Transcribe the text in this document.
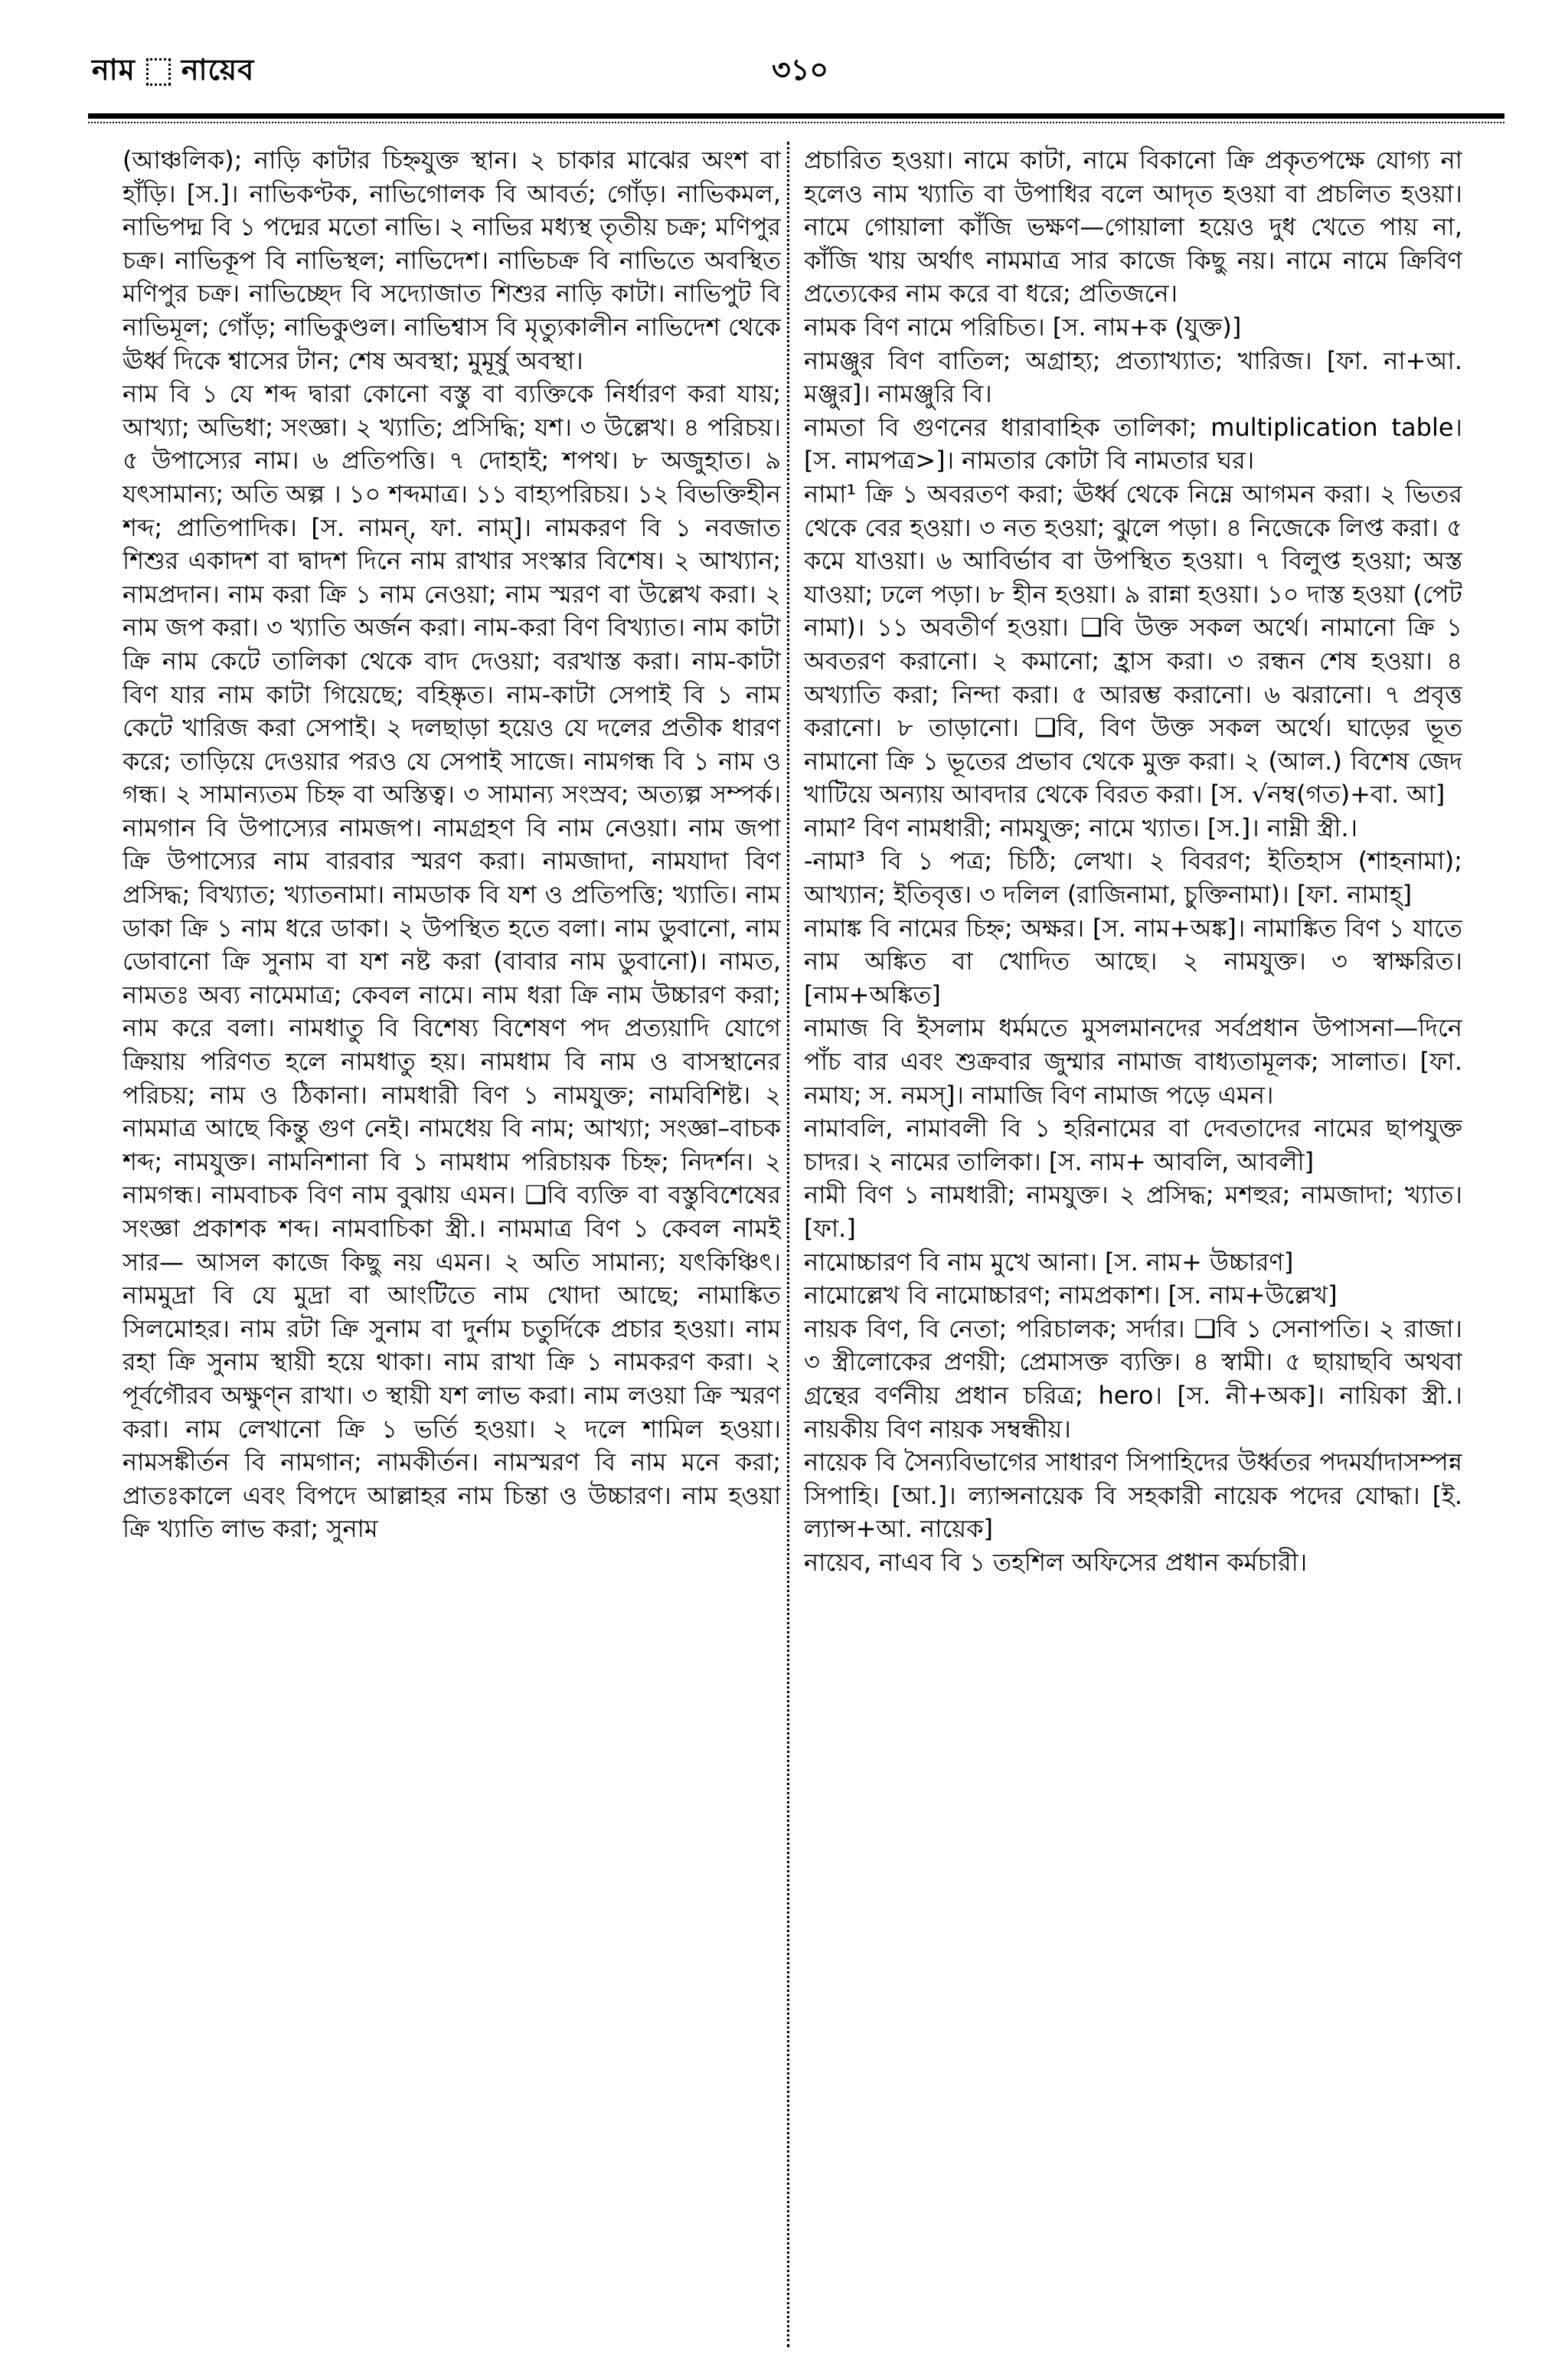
নাম নায়েব	৩১০

(আঞ্চলিক); নাড়ি কাটার চিহ্নযুক্ত স্থান। ২ চাকার মাঝের অংশ বা হাঁড়ি। [স.]। নাভিকণ্টক, নাভিগোলক বি আবর্ত; গোঁড়। নাভিকমল, নাভিপদ্ম বি ১ পদ্মের মতো নাভি। ২ নাভির মধ্যস্থ তৃতীয় চক্র; মণিপুর চক্র। নাভিকূপ বি নাভিস্থল; নাভিদেশ। নাভিচক্র বি নাভিতে অবস্থিত মণিপুর চক্র। নাভিচ্ছেদ বি সদ্যোজাত শিশুর নাড়ি কাটা। নাভিপুট বি নাভিমূল; গোঁড়; নাভিকুণ্ডল। নাভিশ্বাস বি মৃত্যুকালীন নাভিদেশ থেকে ঊর্ধ্ব দিকে শ্বাসের টান; শেষ অবস্থা; মুমূর্ষু অবস্থা।

নাম বি ১ যে শব্দ দ্বারা কোনো বস্তু বা ব্যক্তিকে নির্ধারণ করা যায়; আখ্যা; অভিধা; সংজ্ঞা। ২ খ্যাতি; প্রসিদ্ধি; যশ। ৩ উল্লেখ। ৪ পরিচয়। ৫ উপাস্যের নাম। ৬ প্রতিপত্তি। ৭ দোহাই; শপথ। ৮ অজুহাত। ৯ যৎসামান্য; অতি অল্প । ১০ শব্দমাত্র। ১১ বাহ্যপরিচয়। ১২ বিভক্তিহীন শব্দ; প্রাতিপাদিক। [স. নামন্, ফা. নাম্]। নামকরণ বি ১ নবজাত শিশুর একাদশ বা দ্বাদশ দিনে নাম রাখার সংস্কার বিশেষ। ২ আখ্যান; নামপ্রদান। নাম করা ক্রি ১ নাম নেওয়া; নাম স্মরণ বা উল্লেখ করা। ২ নাম জপ করা। ৩ খ্যাতি অর্জন করা। নাম-করা বিণ বিখ্যাত। নাম কাটা ক্রি নাম কেটে তালিকা থেকে বাদ দেওয়া; বরখাস্ত করা। নাম-কাটা বিণ যার নাম কাটা গিয়েছে; বহিষ্কৃত। নাম-কাটা সেপাই বি ১ নাম কেটে খারিজ করা সেপাই। ২ দলছাড়া হয়েও যে দলের প্রতীক ধারণ করে; তাড়িয়ে দেওয়ার পরও যে সেপাই সাজে। নামগন্ধ বি ১ নাম ও গন্ধ। ২ সামান্যতম চিহ্ন বা অস্তিত্ব। ৩ সামান্য সংস্রব; অত্যল্প সম্পর্ক। নামগান বি উপাস্যের নামজপ। নামগ্রহণ বি নাম নেওয়া। নাম জপা ক্রি উপাস্যের নাম বারবার স্মরণ করা। নামজাদা, নামযাদা বিণ প্রসিদ্ধ; বিখ্যাত; খ্যাতনামা। নামডাক বি যশ ও প্রতিপত্তি; খ্যাতি। নাম ডাকা ক্রি ১ নাম ধরে ডাকা। ২ উপস্থিত হতে বলা। নাম ডুবানো, নাম ডোবানো ক্রি সুনাম বা যশ নষ্ট করা (বাবার নাম ডুবানো)। নামত, নামতঃ অব্য নামেমাত্র; কেবল নামে। নাম ধরা ক্রি নাম উচ্চারণ করা; নাম করে বলা। নামধাতু বি বিশেষ্য বিশেষণ পদ প্রত্যয়াদি যোগে ক্রিয়ায় পরিণত হলে নামধাতু হয়। নামধাম বি নাম ও বাসস্থানের পরিচয়; নাম ও ঠিকানা। নামধারী বিণ ১ নামযুক্ত; নামবিশিষ্ট। ২ নামমাত্র আছে কিন্তু গুণ নেই। নামধেয় বি নাম; আখ্যা; সংজ্ঞা–বাচক শব্দ; নামযুক্ত। নামনিশানা বি ১ নামধাম পরিচায়ক চিহ্ন; নিদর্শন। ২ নামগন্ধ। নামবাচক বিণ নাম বুঝায় এমন। ❑বি ব্যক্তি বা বস্তুবিশেষের সংজ্ঞা প্রকাশক শব্দ। নামবাচিকা স্ত্রী.। নামমাত্র বিণ ১ কেবল নামই সার— আসল কাজে কিছু নয় এমন। ২ অতি সামান্য; যৎকিঞ্চিৎ। নামমুদ্রা বি যে মুদ্রা বা আংটিতে নাম খোদা আছে; নামাঙ্কিত সিলমোহর। নাম রটা ক্রি সুনাম বা দুর্নাম চতুর্দিকে প্রচার হওয়া। নাম রহা ক্রি সুনাম স্থায়ী হয়ে থাকা। নাম রাখা ক্রি ১ নামকরণ করা। ২ পূর্বগৌরব অক্ষুণ্ন রাখা। ৩ স্থায়ী যশ লাভ করা। নাম লওয়া ক্রি স্মরণ করা। নাম লেখানো ক্রি ১ ভর্তি হওয়া। ২ দলে শামিল হওয়া। নামসঙ্কীর্তন বি নামগান; নামকীর্তন। নামস্মরণ বি নাম মনে করা; প্রাতঃকালে এবং বিপদে আল্লাহর নাম চিন্তা ও উচ্চারণ। নাম হওয়া ক্রি খ্যাতি লাভ করা; সুনাম

প্রচারিত হওয়া। নামে কাটা, নামে বিকানো ক্রি প্রকৃতপক্ষে যোগ্য না হলেও নাম খ্যাতি বা উপাধির বলে আদৃত হওয়া বা প্রচলিত হওয়া। নামে গোয়ালা কাঁজি ভক্ষণ—গোয়ালা হয়েও দুধ খেতে পায় না, কাঁজি খায় অর্থাৎ নামমাত্র সার কাজে কিছু নয়। নামে নামে ক্রিবিণ প্রত্যেকের নাম করে বা ধরে; প্রতিজনে।

নামক বিণ নামে পরিচিত। [স. নাম+ক (যুক্ত)]

নামঞ্জুর বিণ বাতিল; অগ্রাহ্য; প্রত্যাখ্যাত; খারিজ। [ফা. না+আ. মঞ্জুর]। নামঞ্জুরি বি।

নামতা বি গুণনের ধারাবাহিক তালিকা; multiplication table। [স. নামপত্র>]। নামতার কোটা বি নামতার ঘর।

নামা¹ ক্রি ১ অবরতণ করা; ঊর্ধ্ব থেকে নিম্নে আগমন করা। ২ ভিতর থেকে বের হওয়া। ৩ নত হওয়া; ঝুলে পড়া। ৪ নিজেকে লিপ্ত করা। ৫ কমে যাওয়া। ৬ আবির্ভাব বা উপস্থিত হওয়া। ৭ বিলুপ্ত হওয়া; অস্ত যাওয়া; ঢলে পড়া। ৮ হীন হওয়া। ৯ রান্না হওয়া। ১০ দাস্ত হওয়া (পেট নামা)। ১১ অবতীর্ণ হওয়া। ❑বি উক্ত সকল অর্থে। নামানো ক্রি ১ অবতরণ করানো। ২ কমানো; হ্রাস করা। ৩ রন্ধন শেষ হওয়া। ৪ অখ্যাতি করা; নিন্দা করা। ৫ আরম্ভ করানো। ৬ ঝরানো। ৭ প্রবৃত্ত করানো। ৮ তাড়ানো। ❑বি, বিণ উক্ত সকল অর্থে। ঘাড়ের ভূত নামানো ক্রি ১ ভূতের প্রভাব থেকে মুক্ত করা। ২ (আল.) বিশেষ জেদ খাটিয়ে অন্যায় আবদার থেকে বিরত করা। [স. √নম্ব(গত)+বা. আ]

নামা² বিণ নামধারী; নামযুক্ত; নামে খ্যাত। [স.]। নাম্নী স্ত্রী.।

-নামা³ বি ১ পত্র; চিঠি; লেখা। ২ বিবরণ; ইতিহাস (শাহনামা); আখ্যান; ইতিবৃত্ত। ৩ দলিল (রাজিনামা, চুক্তিনামা)। [ফা. নামাহ্]

নামাঙ্ক বি নামের চিহ্ন; অক্ষর। [স. নাম+অঙ্ক]। নামাঙ্কিত বিণ ১ যাতে নাম অঙ্কিত বা খোদিত আছে। ২ নামযুক্ত। ৩ স্বাক্ষরিত। [নাম+অঙ্কিত]

নামাজ বি ইসলাম ধর্মমতে মুসলমানদের সর্বপ্রধান উপাসনা—দিনে পাঁচ বার এবং শুক্রবার জুম্মার নামাজ বাধ্যতামূলক; সালাত। [ফা. নমায; স. নমস্]। নামাজি বিণ নামাজ পড়ে এমন।

নামাবলি, নামাবলী বি ১ হরিনামের বা দেবতাদের নামের ছাপযুক্ত চাদর। ২ নামের তালিকা। [স. নাম+ আবলি, আবলী]

নামী বিণ ১ নামধারী; নামযুক্ত। ২ প্রসিদ্ধ; মশহুর; নামজাদা; খ্যাত। [ফা.]

নামোচ্চারণ বি নাম মুখে আনা। [স. নাম+ উচ্চারণ]

নামোল্লেখ বি নামোচ্চারণ; নামপ্রকাশ। [স. নাম+উল্লেখ]

নায়ক বিণ, বি নেতা; পরিচালক; সর্দার। ❑বি ১ সেনাপতি। ২ রাজা। ৩ স্ত্রীলোকের প্রণয়ী; প্রেমাসক্ত ব্যক্তি। ৪ স্বামী। ৫ ছায়াছবি অথবা গ্রন্থের বর্ণনীয় প্রধান চরিত্র; hero। [স. নী+অক]। নায়িকা স্ত্রী.। নায়কীয় বিণ নায়ক সম্বন্ধীয়।

নায়েক বি সৈন্যবিভাগের সাধারণ সিপাহিদের উর্ধ্বতর পদমর্যাদাসম্পন্ন সিপাহি। [আ.]। ল্যান্সনায়েক বি সহকারী নায়েক পদের যোদ্ধা। [ই. ল্যান্স+আ. নায়েক]

নায়েব, নাএব বি ১ তহশিল অফিসের প্রধান কর্মচারী।
